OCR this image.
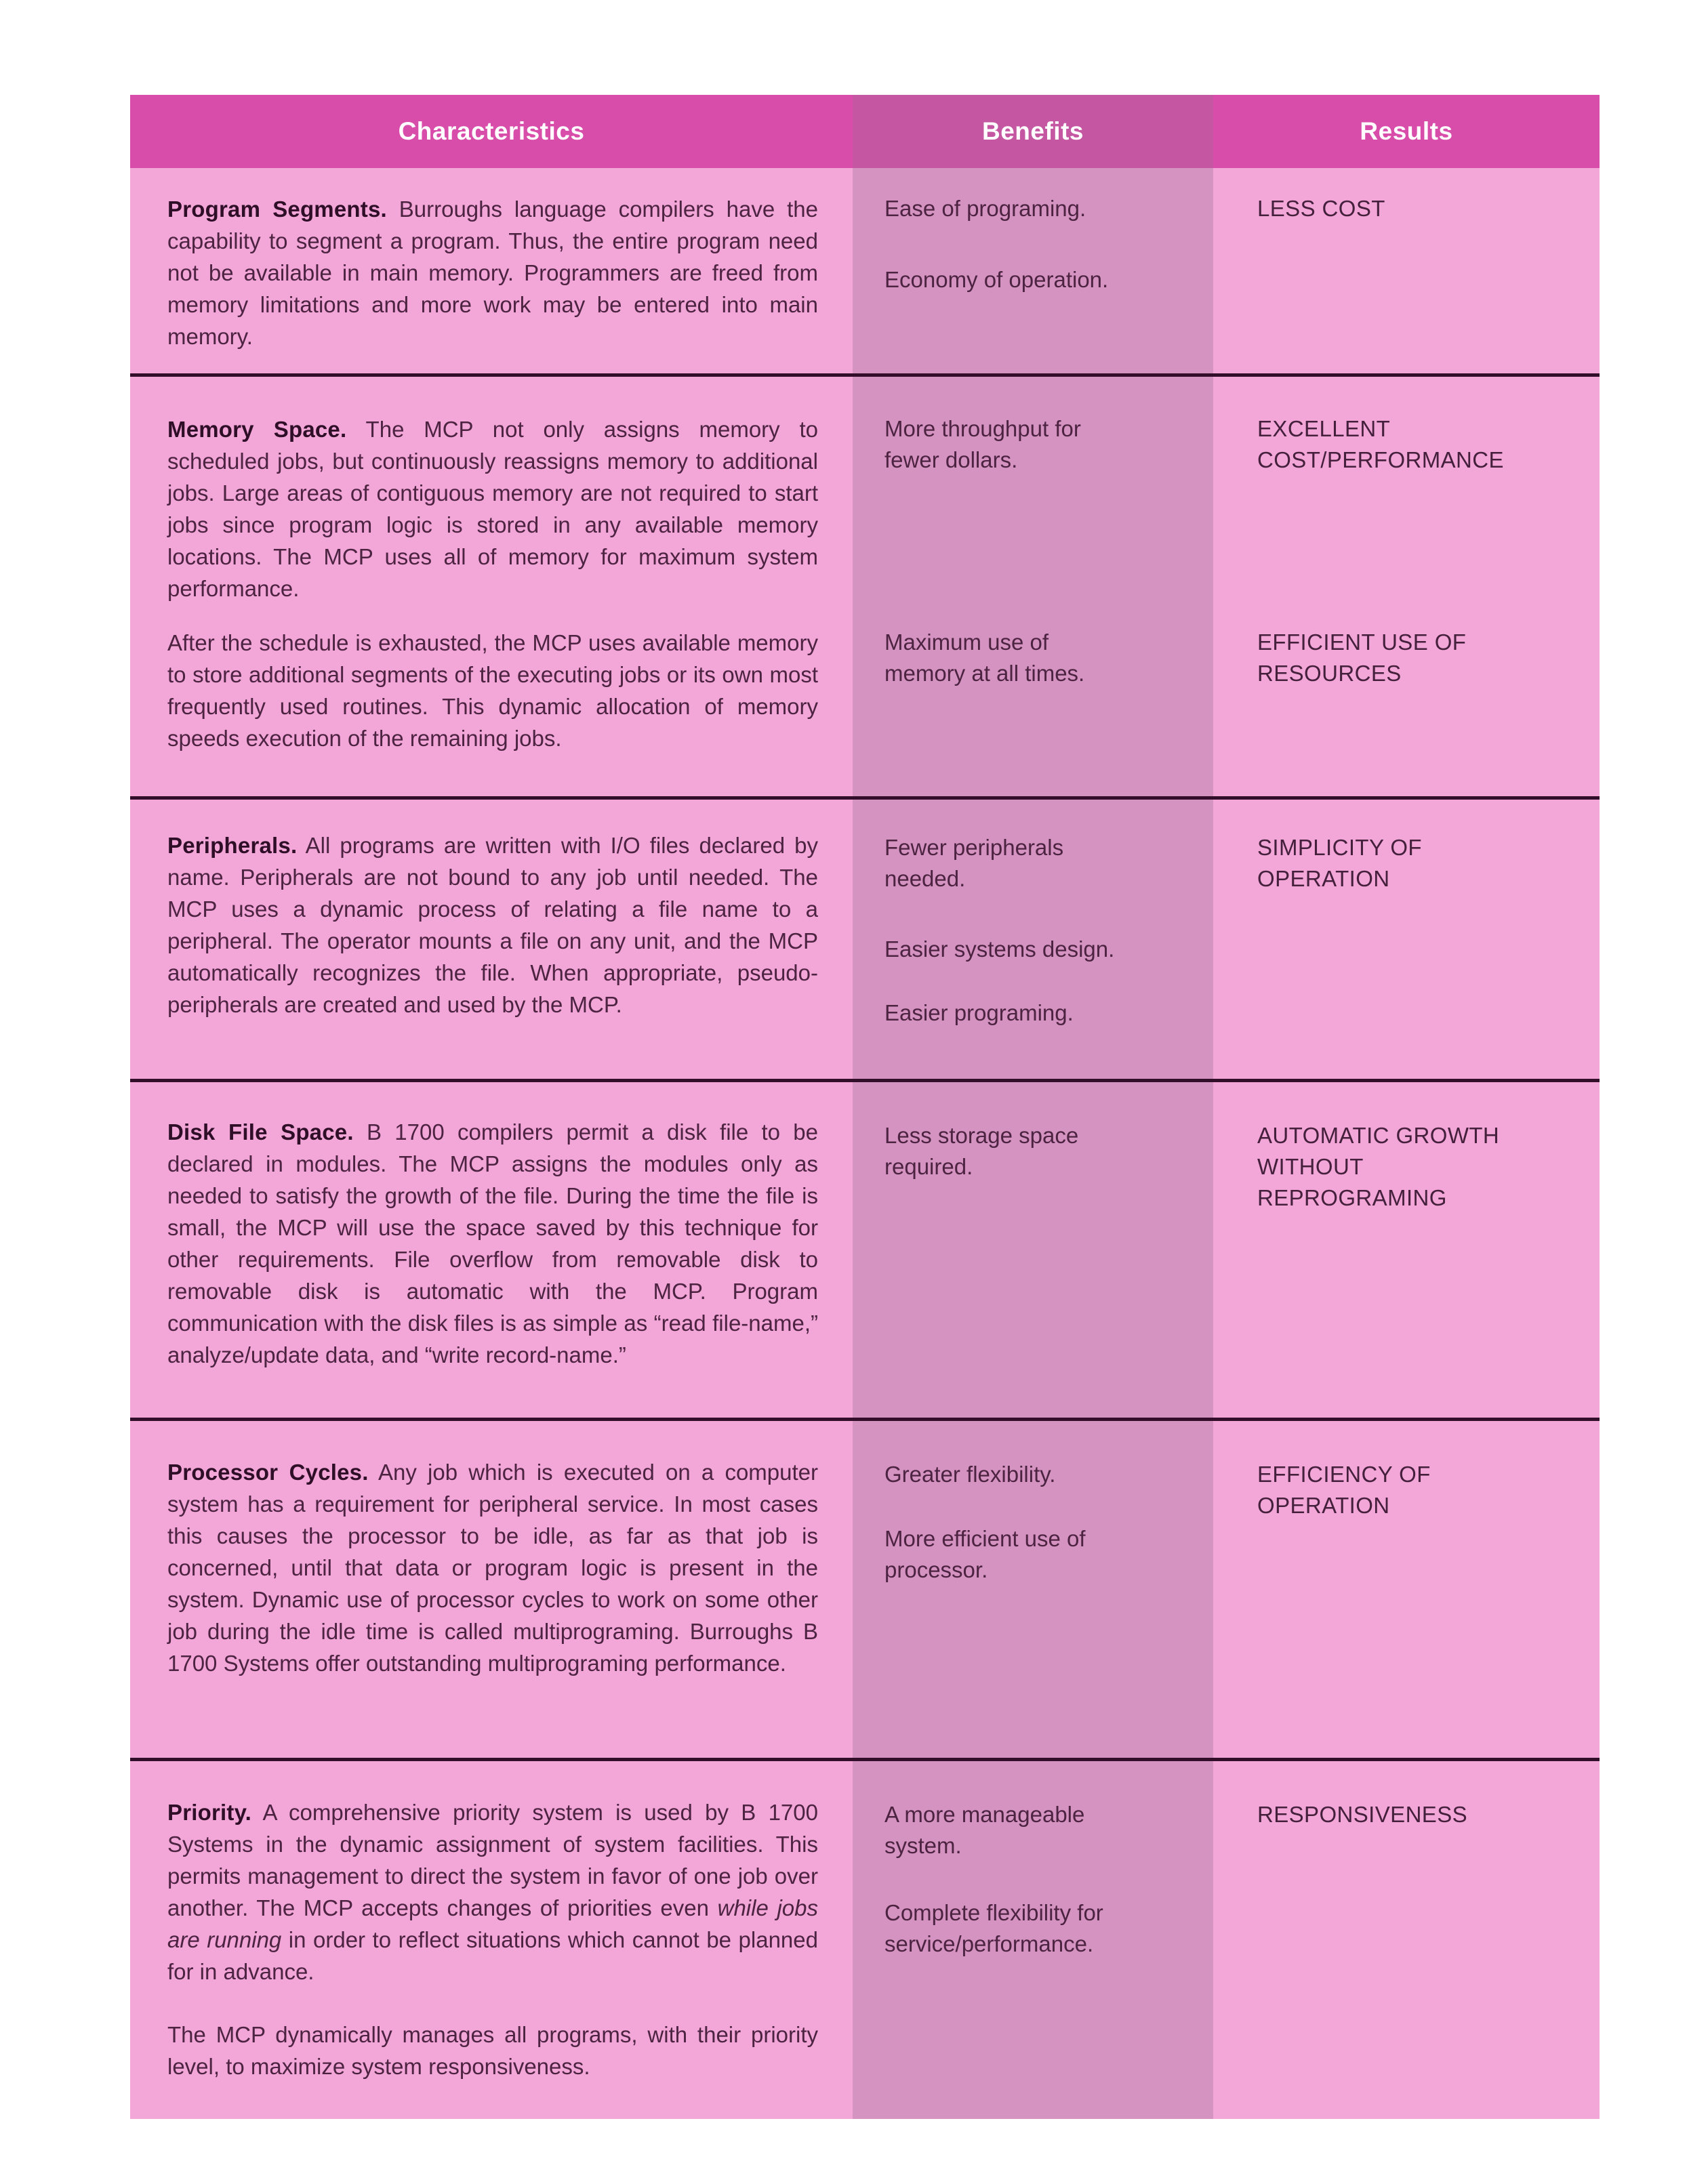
Characteristics	Benefits	Results

Program Segments. Burroughs language compilers have the capability to segment a program. Thus, the entire program need not be available in main memory. Programmers are freed from memory limitations and more work may be entered into main memory.

Ease of programing.
Economy of operation.
LESS COST

Memory Space. The MCP not only assigns memory to scheduled jobs, but continuously reassigns memory to additional jobs. Large areas of contiguous memory are not required to start jobs since program logic is stored in any available memory locations. The MCP uses all of memory for maximum system performance.

After the schedule is exhausted, the MCP uses available memory to store additional segments of the executing jobs or its own most frequently used routines. This dynamic allocation of memory speeds execution of the remaining jobs.

More throughput for
fewer dollars.
Maximum use of
memory at all times.
EXCELLENT
COST/PERFORMANCE
EFFICIENT USE OF
RESOURCES

Peripherals. All programs are written with I/O files declared by name. Peripherals are not bound to any job until needed. The MCP uses a dynamic process of relating a file name to a peripheral. The operator mounts a file on any unit, and the MCP automatically recognizes the file. When appropriate, pseudo-peripherals are created and used by the MCP.

Fewer peripherals
needed.
Easier systems design.
Easier programing.
SIMPLICITY OF
OPERATION

Disk File Space. B 1700 compilers permit a disk file to be declared in modules. The MCP assigns the modules only as needed to satisfy the growth of the file. During the time the file is small, the MCP will use the space saved by this technique for other requirements. File overflow from removable disk to removable disk is automatic with the MCP. Program communication with the disk files is as simple as “read file-name,” analyze/update data, and “write record-name.”

Less storage space
required.
AUTOMATIC GROWTH
WITHOUT
REPROGRAMING

Processor Cycles. Any job which is executed on a computer system has a requirement for peripheral service. In most cases this causes the processor to be idle, as far as that job is concerned, until that data or program logic is present in the system. Dynamic use of processor cycles to work on some other job during the idle time is called multiprograming. Burroughs B 1700 Systems offer outstanding multiprograming performance.

Greater flexibility.
More efficient use of
processor.
EFFICIENCY OF
OPERATION

Priority. A comprehensive priority system is used by B 1700 Systems in the dynamic assignment of system facilities. This permits management to direct the system in favor of one job over another. The MCP accepts changes of priorities even while jobs are running in order to reflect situations which cannot be planned for in advance.

The MCP dynamically manages all programs, with their priority level, to maximize system responsiveness.

A more manageable
system.
Complete flexibility for
service/performance.
RESPONSIVENESS
